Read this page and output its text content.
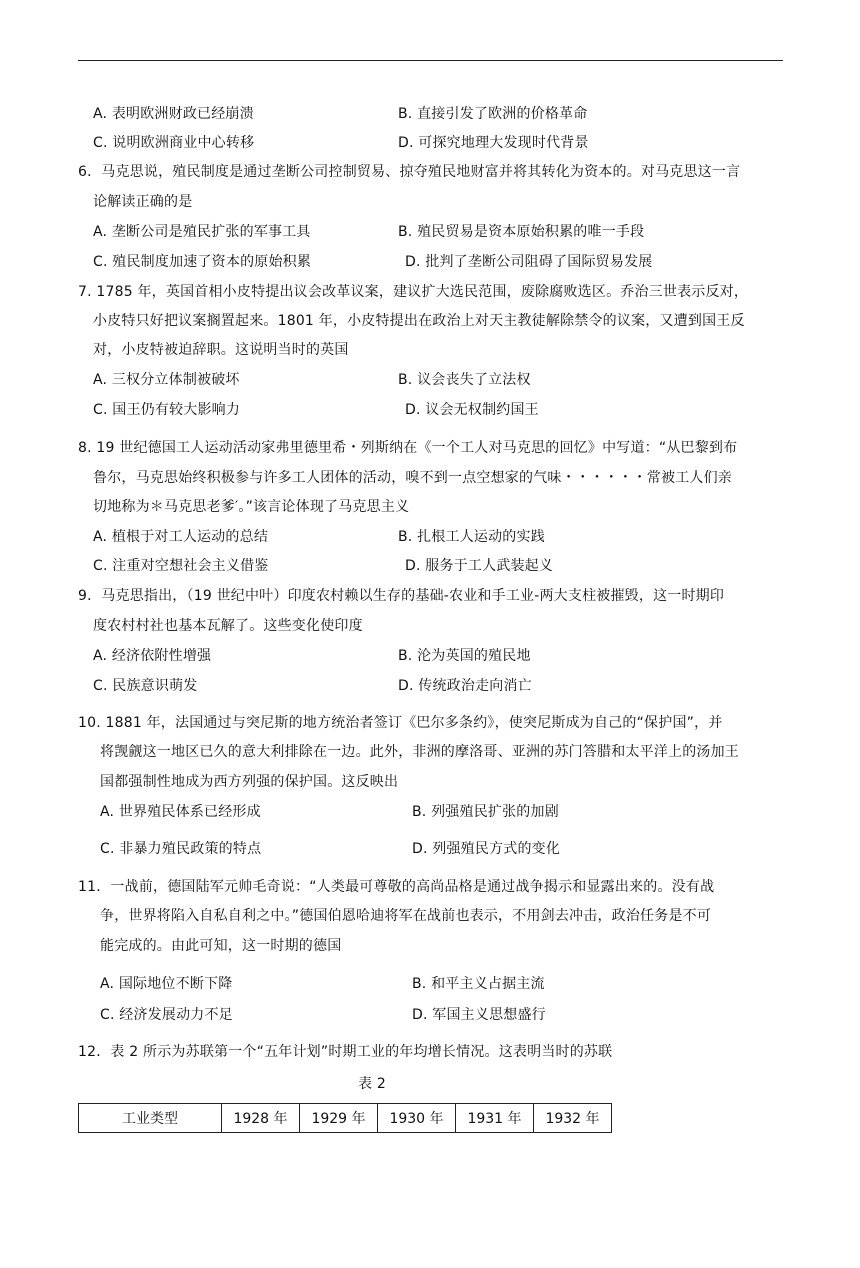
A. 表明欧洲财政已经崩溃	B. 直接引发了欧洲的价格革命
C. 说明欧洲商业中心转移	D. 可探究地理大发现时代背景
6．马克思说，殖民制度是通过垄断公司控制贸易、掠夺殖民地财富并将其转化为资本的。对马克思这一言
论解读正确的是
A. 垄断公司是殖民扩张的军事工具	B. 殖民贸易是资本原始积累的唯一手段
C. 殖民制度加速了资本的原始积累	D. 批判了垄断公司阻碍了国际贸易发展
7. 1785 年，英国首相小皮特提出议会改革议案，建议扩大选民范围，废除腐败选区。乔治三世表示反对，
小皮特只好把议案搁置起来。1801 年，小皮特提出在政治上对天主教徒解除禁令的议案，又遭到国王反
对，小皮特被迫辞职。这说明当时的英国
A. 三权分立体制被破坏	B. 议会丧失了立法权
C. 国王仍有较大影响力	D. 议会无权制约国王
8. 19 世纪德国工人运动活动家弗里德里希・列斯纳在《一个工人对马克思的回忆》中写道：“从巴黎到布
鲁尔，马克思始终积极参与许多工人团体的活动，嗅不到一点空想家的气味・・・・・・常被工人们亲
切地称为＊马克思老爹′。”该言论体现了马克思主义
A. 植根于对工人运动的总结	B. 扎根工人运动的实践
C. 注重对空想社会主义借鉴	D. 服务于工人武装起义
9．马克思指出，（19 世纪中叶）印度农村赖以生存的基础-农业和手工业-两大支柱被摧毁，这一时期印
度农村村社也基本瓦解了。这些变化使印度
A. 经济依附性增强	B. 沦为英国的殖民地
C. 民族意识萌发	D. 传统政治走向消亡
10. 1881 年，法国通过与突尼斯的地方统治者签订《巴尔多条约》，使突尼斯成为自己的“保护国”，并
将觊觎这一地区已久的意大利排除在一边。此外，非洲的摩洛哥、亚洲的苏门答腊和太平洋上的汤加王
国都强制性地成为西方列强的保护国。这反映出
A. 世界殖民体系已经形成	B. 列强殖民扩张的加剧
C. 非暴力殖民政策的特点	D. 列强殖民方式的变化
11．一战前，德国陆军元帅毛奇说：“人类最可尊敬的高尚品格是通过战争揭示和显露出来的。没有战
争，世界将陷入自私自利之中。”德国伯恩哈迪将军在战前也表示，不用剑去冲击，政治任务是不可
能完成的。由此可知，这一时期的德国
A. 国际地位不断下降	B. 和平主义占据主流
C. 经济发展动力不足	D. 军国主义思想盛行
12．表 2 所示为苏联第一个“五年计划”时期工业的年均增长情况。这表明当时的苏联
表 2
工业类型	1928 年	1929 年	1930 年	1931 年	1932 年
